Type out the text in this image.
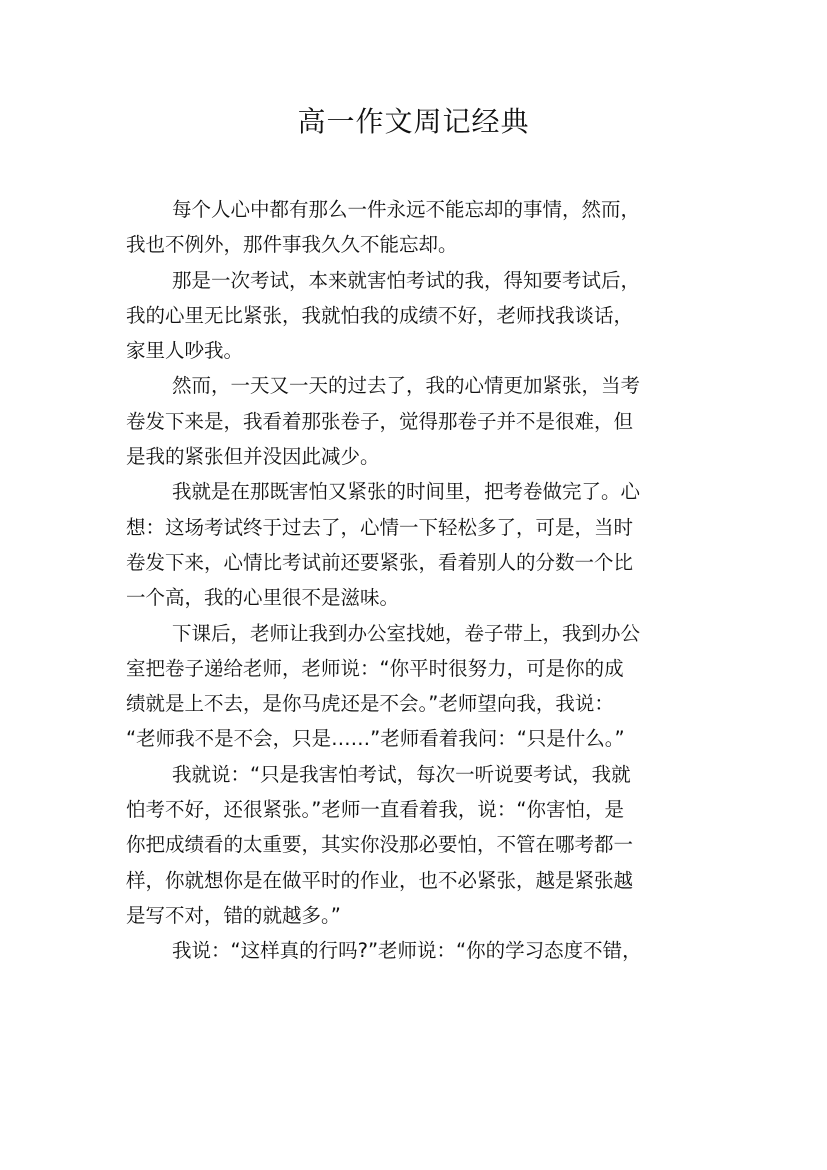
高一作文周记经典
每个人心中都有那么一件永远不能忘却的事情，然而，
我也不例外，那件事我久久不能忘却。
那是一次考试，本来就害怕考试的我，得知要考试后，
我的心里无比紧张，我就怕我的成绩不好，老师找我谈话，
家里人吵我。
然而，一天又一天的过去了，我的心情更加紧张，当考
卷发下来是，我看着那张卷子，觉得那卷子并不是很难，但
是我的紧张但并没因此减少。
我就是在那既害怕又紧张的时间里，把考卷做完了。心
想：这场考试终于过去了，心情一下轻松多了，可是，当时
卷发下来，心情比考试前还要紧张，看着别人的分数一个比
一个高，我的心里很不是滋味。
下课后，老师让我到办公室找她，卷子带上，我到办公
室把卷子递给老师，老师说：“你平时很努力，可是你的成
绩就是上不去，是你马虎还是不会。”老师望向我，我说：
“老师我不是不会，只是……”老师看着我问：“只是什么。”
我就说：“只是我害怕考试，每次一听说要考试，我就
怕考不好，还很紧张。”老师一直看着我，说：“你害怕，是
你把成绩看的太重要，其实你没那必要怕，不管在哪考都一
样，你就想你是在做平时的作业，也不必紧张，越是紧张越
是写不对，错的就越多。”
我说：“这样真的行吗?”老师说：“你的学习态度不错，
